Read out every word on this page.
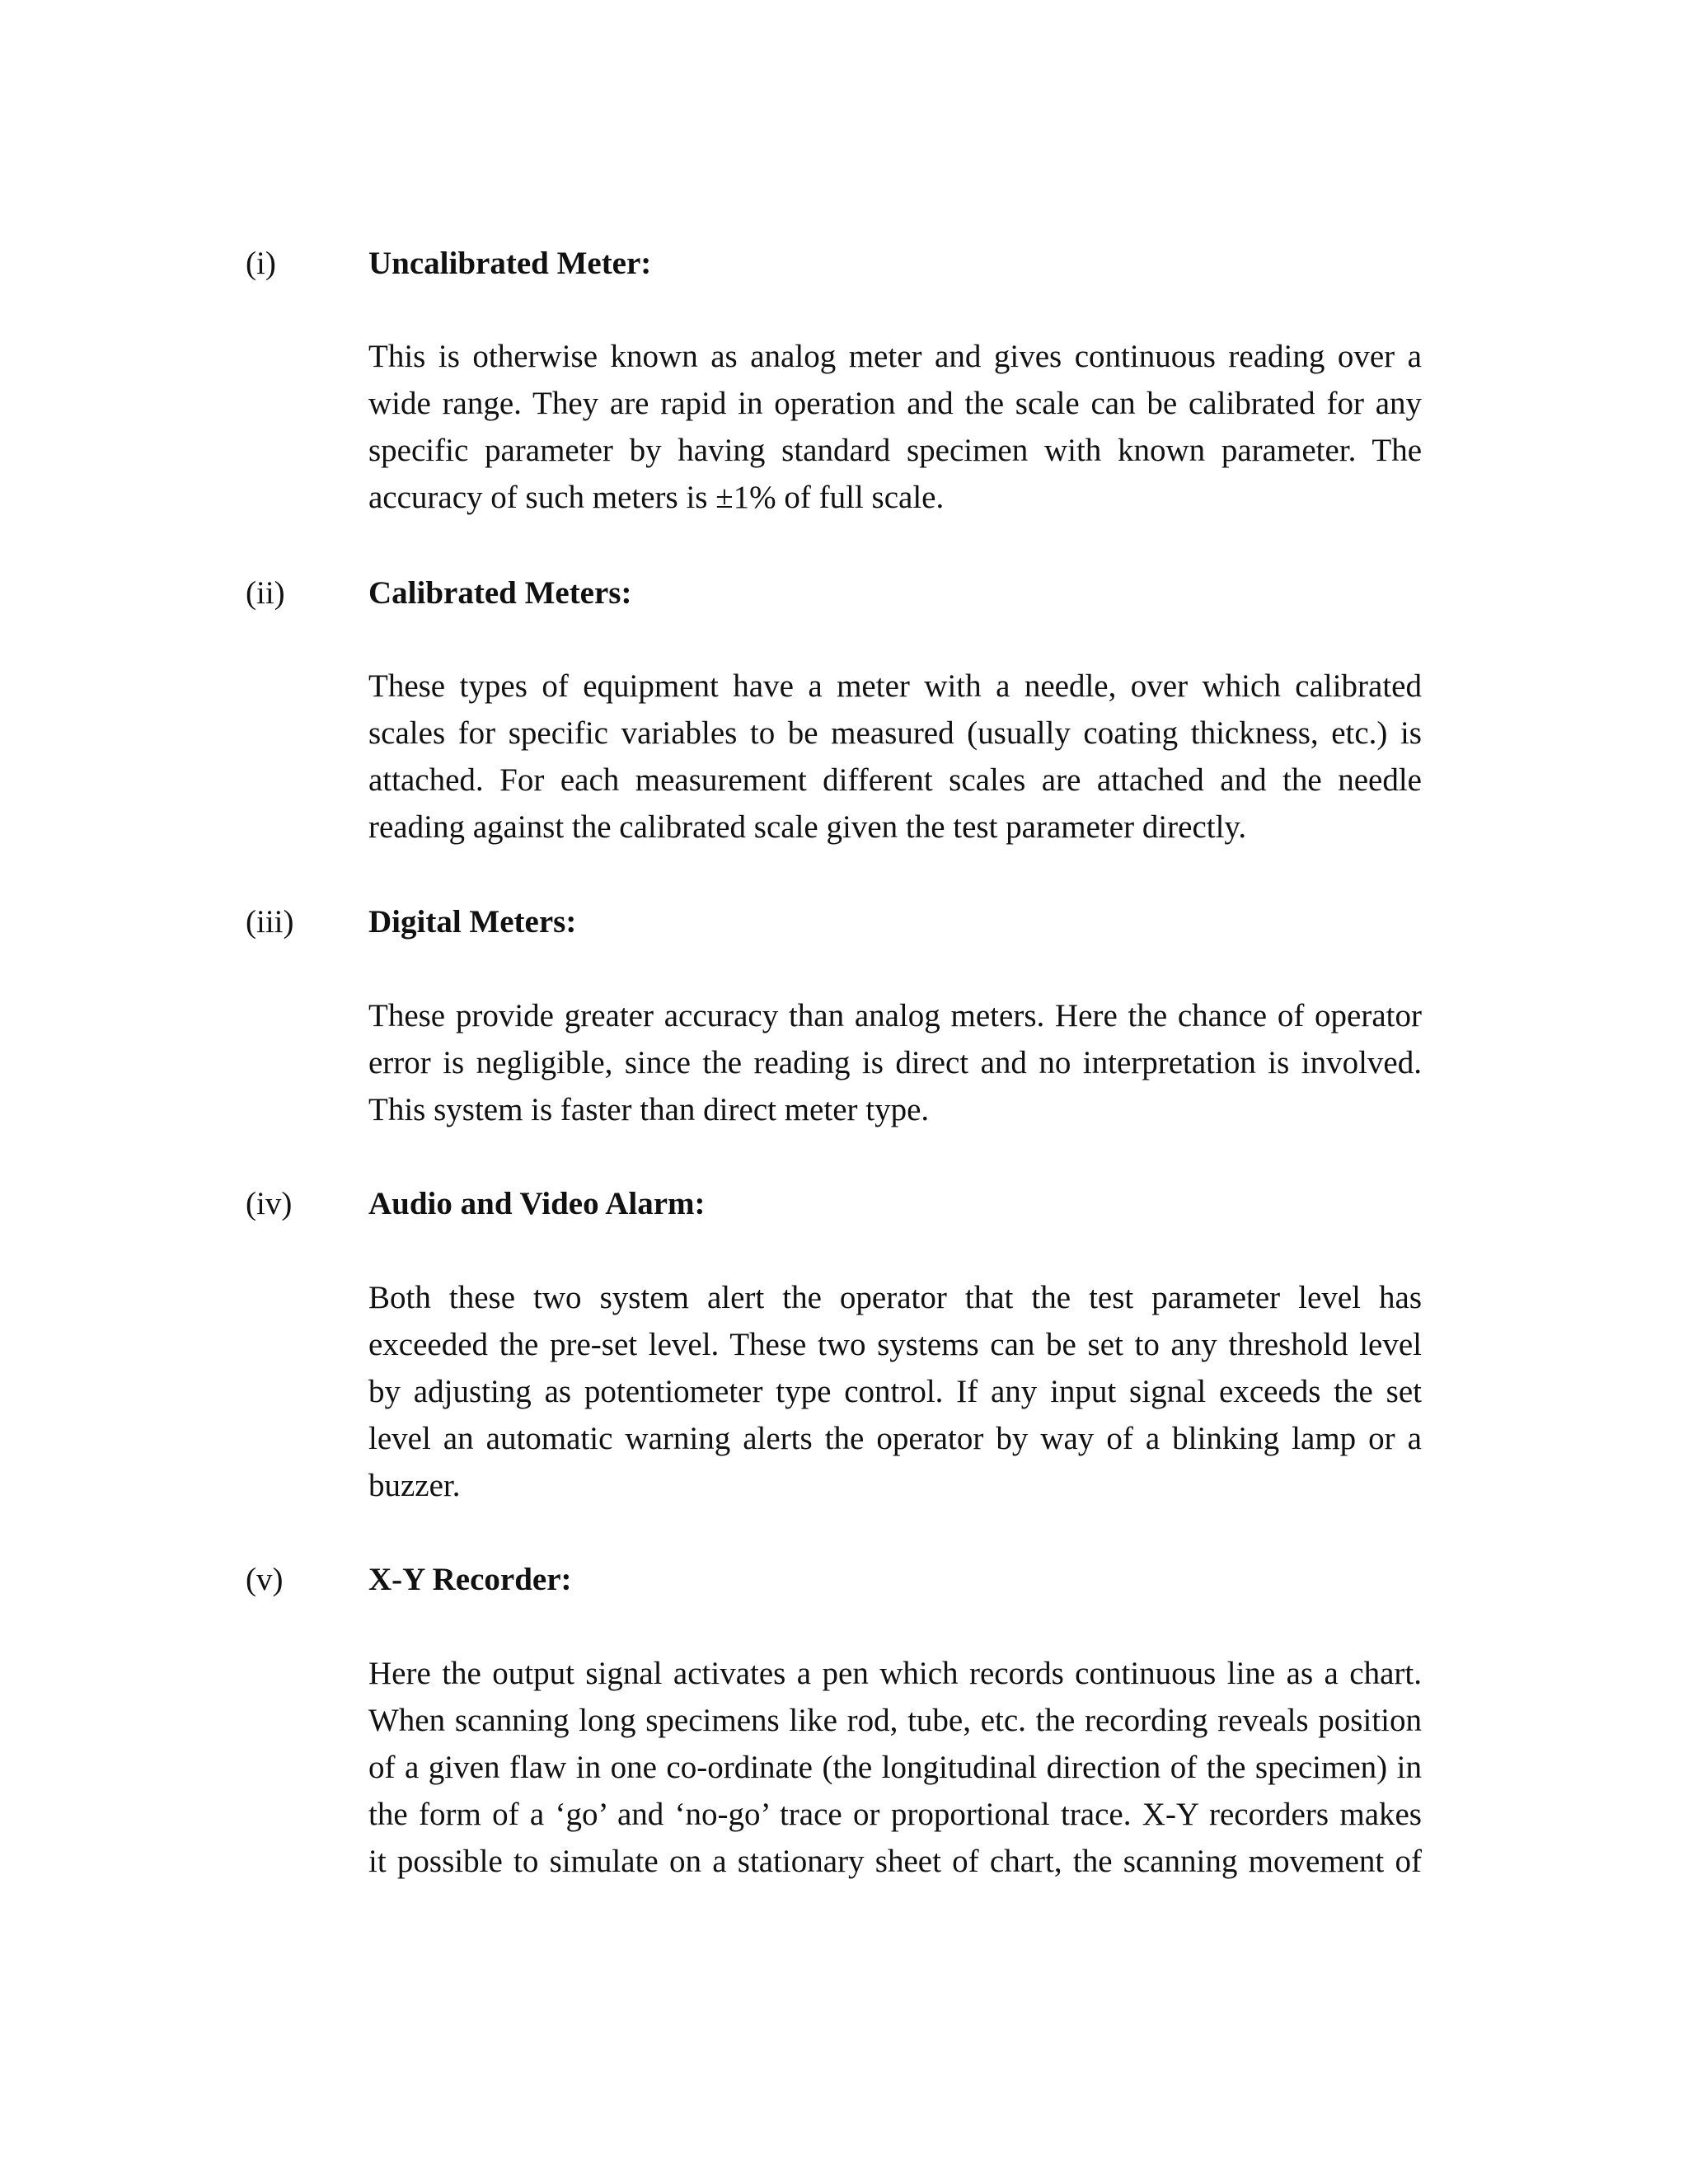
(i)	Uncalibrated Meter:
This is otherwise known as analog meter and gives continuous reading over a
wide range. They are rapid in operation and the scale can be calibrated for any
specific parameter by having standard specimen with known parameter. The
accuracy of such meters is ±1% of full scale.
(ii)	Calibrated Meters:
These types of equipment have a meter with a needle, over which calibrated
scales for specific variables to be measured (usually coating thickness, etc.) is
attached. For each measurement different scales are attached and the needle
reading against the calibrated scale given the test parameter directly.
(iii) Digital Meters:
These provide greater accuracy than analog meters. Here the chance of operator
error is negligible, since the reading is direct and no interpretation is involved.
This system is faster than direct meter type.
(iv) Audio and Video Alarm:
Both these two system alert the operator that the test parameter level has
exceeded the pre-set level. These two systems can be set to any threshold level
by adjusting as potentiometer type control. If any input signal exceeds the set
level an automatic warning alerts the operator by way of a blinking lamp or a
buzzer.
(v)	X-Y Recorder:
Here the output signal activates a pen which records continuous line as a chart.
When scanning long specimens like rod, tube, etc. the recording reveals position
of a given flaw in one co-ordinate (the longitudinal direction of the specimen) in
the form of a ‘go’ and ‘no-go’ trace or proportional trace. X-Y recorders makes
it possible to simulate on a stationary sheet of chart, the scanning movement of
